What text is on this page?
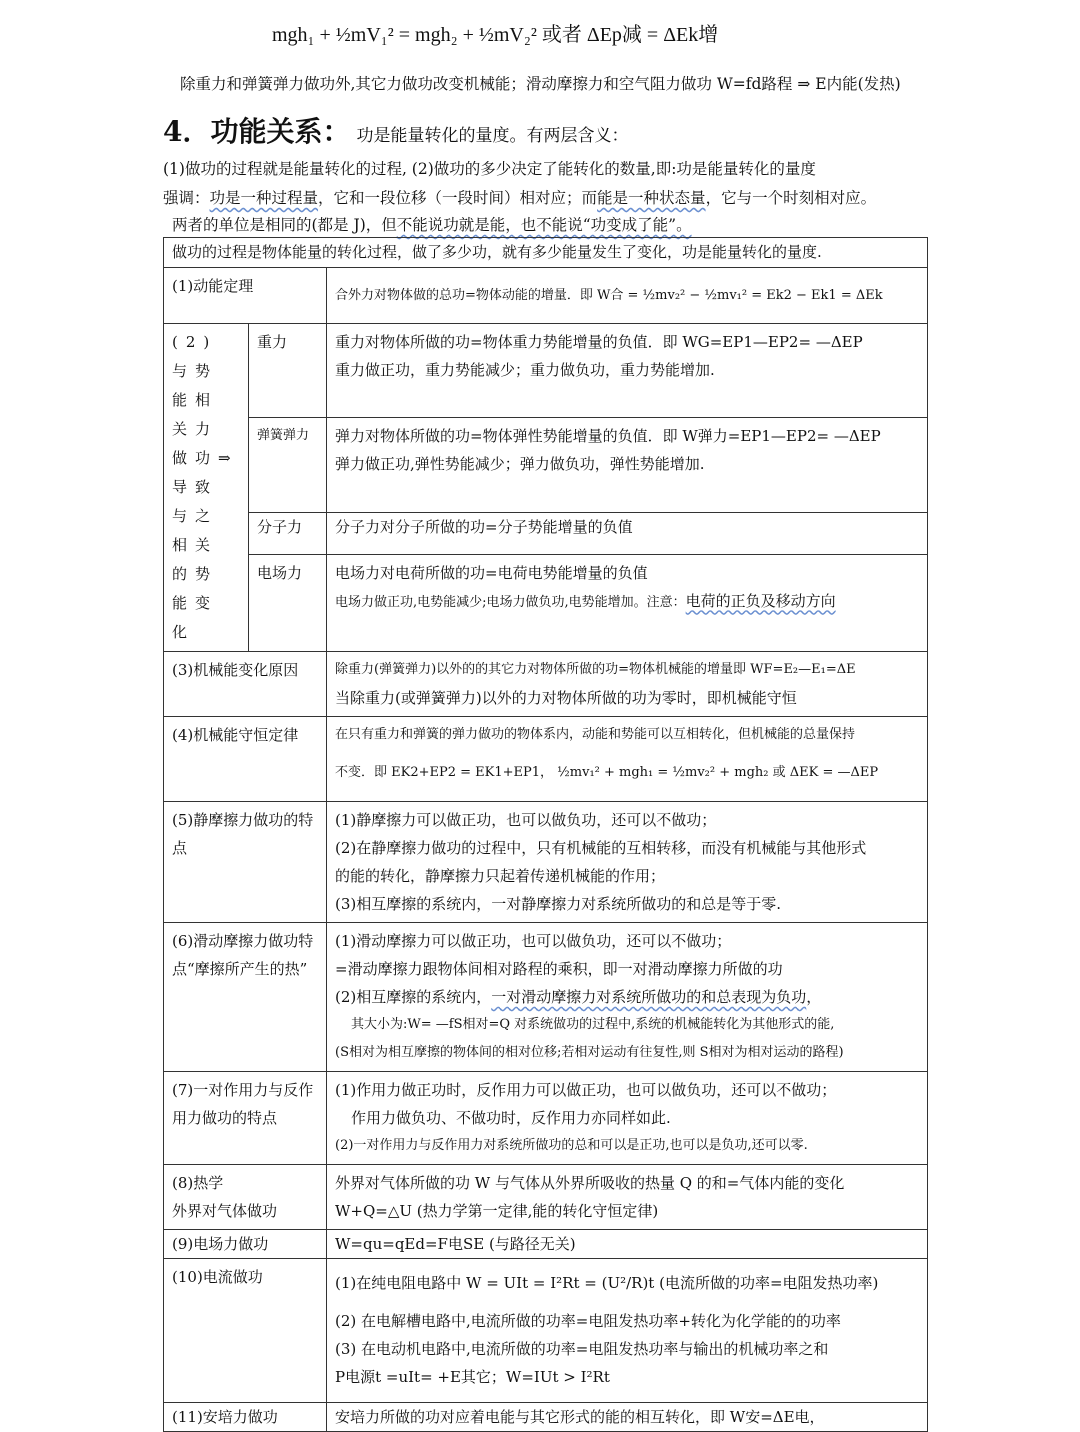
mgh₁ + ½mV₁² = mgh₂ + ½mV₂² 或者 ΔEp减 = ΔEk增
除重力和弹簧弹力做功外,其它力做功改变机械能；滑动摩擦力和空气阻力做功 W=fd路程 ⇒ E内能(发热)
4．功能关系： 功是能量转化的量度。有两层含义：
(1)做功的过程就是能量转化的过程, (2)做功的多少决定了能转化的数量,即:功是能量转化的量度
强调：功是一种过程量，它和一段位移（一段时间）相对应；而能是一种状态量，它与一个时刻相对应。
两者的单位是相同的(都是 J)，但不能说功就是能，也不能说“功变成了能”。
做功的过程是物体能量的转化过程，做了多少功，就有多少能量发生了变化，功是能量转化的量度.		
(1)动能定理		合外力对物体做的总功=物体动能的增量．即 W合 = ½mv₂² − ½mv₁² = Ek2 − Ek1 = ΔEk
(2)与势能相关力做功⇒导致与之相关的势能变化	重力	重力对物体所做的功=物体重力势能增量的负值．即 WG=EP1—EP2= —ΔEP
重力做正功，重力势能减少；重力做负功，重力势能增加.

	弹簧弹力	弹力对物体所做的功=物体弹性势能增量的负值．即 W弹力=EP1—EP2= —ΔEP
弹力做正功,弹性势能减少；弹力做负功，弹性势能增加.

	分子力	分子力对分子所做的功=分子势能增量的负值
	电场力	电场力对电荷所做的功=电荷电势能增量的负值
电场力做正功,电势能减少;电场力做负功,电势能增加。注意：电荷的正负及移动方向

(3)机械能变化原因		除重力(弹簧弹力)以外的的其它力对物体所做的功=物体机械能的增量即 WF=E₂—E₁=ΔE
当除重力(或弹簧弹力)以外的力对物体所做的功为零时，即机械能守恒

(4)机械能守恒定律		在只有重力和弹簧的弹力做功的物体系内，动能和势能可以互相转化，但机械能的总量保持
不变．即 EK2+EP2 = EK1+EP1， ½mv₁² + mgh₁ = ½mv₂² + mgh₂ 或 ΔEK = —ΔEP

(5)静摩擦力做功的特点		(1)静摩擦力可以做正功，也可以做负功，还可以不做功；
(2)在静摩擦力做功的过程中，只有机械能的互相转移，而没有机械能与其他形式
的能的转化，静摩擦力只起着传递机械能的作用；
(3)相互摩擦的系统内，一对静摩擦力对系统所做功的和总是等于零.

(6)滑动摩擦力做功特点“摩擦所产生的热”		(1)滑动摩擦力可以做正功，也可以做负功，还可以不做功；
=滑动摩擦力跟物体间相对路程的乘积，即一对滑动摩擦力所做的功
(2)相互摩擦的系统内，一对滑动摩擦力对系统所做功的和总表现为负功，
其大小为:W= —fS相对=Q 对系统做功的过程中,系统的机械能转化为其他形式的能,
(S相对为相互摩擦的物体间的相对位移;若相对运动有往复性,则 S相对为相对运动的路程)

(7)一对作用力与反作用力做功的特点		(1)作用力做正功时，反作用力可以做正功，也可以做负功，还可以不做功；
作用力做负功、不做功时，反作用力亦同样如此.
(2)一对作用力与反作用力对系统所做功的总和可以是正功,也可以是负功,还可以零.

(8)热学
外界对气体做功		外界对气体所做的功 W 与气体从外界所吸收的热量 Q 的和=气体内能的变化
W+Q=△U (热力学第一定律,能的转化守恒定律)

(9)电场力做功		W=qu=qEd=F电SE (与路径无关)
(10)电流做功		(1)在纯电阻电路中 W = UIt = I²Rt = (U²/R)t (电流所做的功率=电阻发热功率)
(2) 在电解槽电路中,电流所做的功率=电阻发热功率+转化为化学能的的功率
(3) 在电动机电路中,电流所做的功率=电阻发热功率与输出的机械功率之和
P电源t =uIt= +E其它；W=IUt > I²Rt

(11)安培力做功		安培力所做的功对应着电能与其它形式的能的相互转化，即 W安=ΔE电，
